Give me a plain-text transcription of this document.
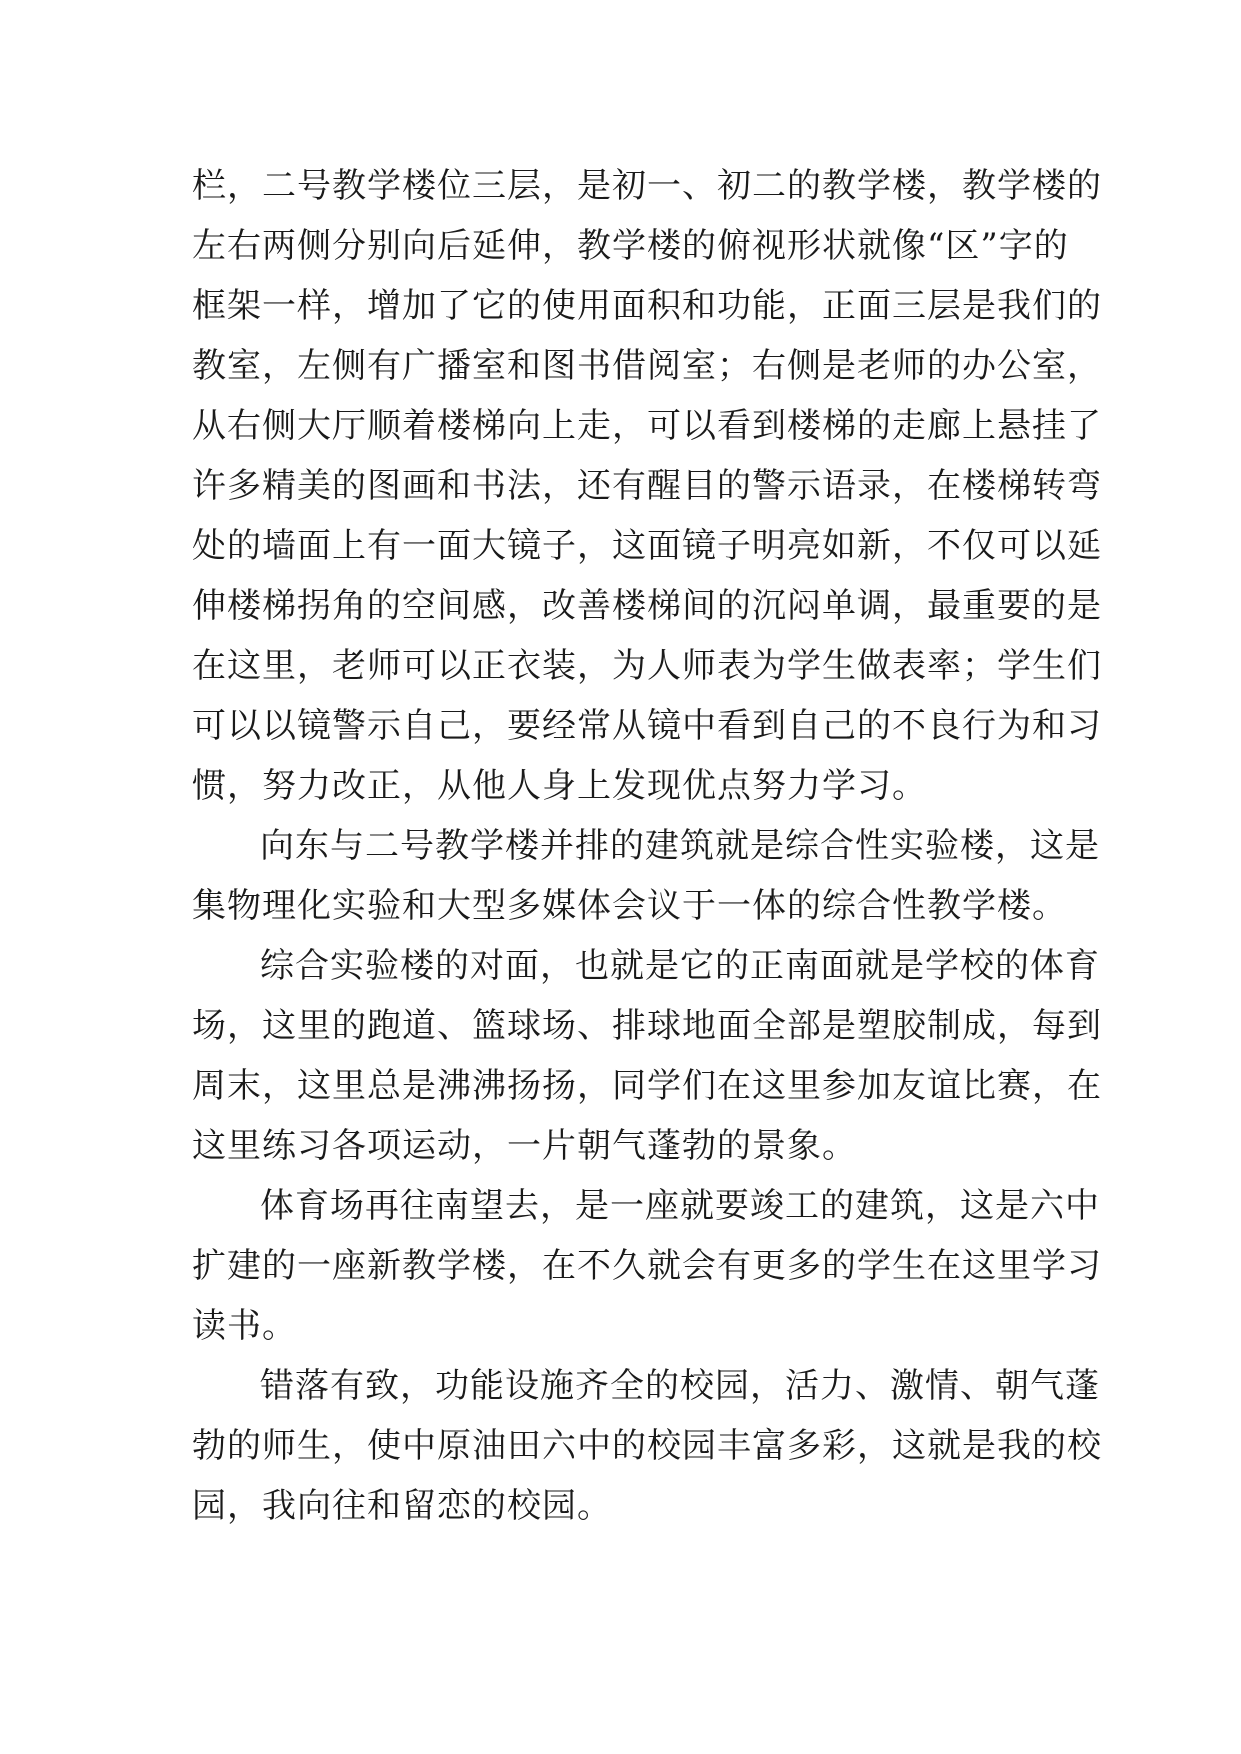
栏，二号教学楼位三层，是初一、初二的教学楼，教学楼的
左右两侧分别向后延伸，教学楼的俯视形状就像“区”字的
框架一样，增加了它的使用面积和功能，正面三层是我们的
教室，左侧有广播室和图书借阅室；右侧是老师的办公室，
从右侧大厅顺着楼梯向上走，可以看到楼梯的走廊上悬挂了
许多精美的图画和书法，还有醒目的警示语录，在楼梯转弯
处的墙面上有一面大镜子，这面镜子明亮如新，不仅可以延
伸楼梯拐角的空间感，改善楼梯间的沉闷单调，最重要的是
在这里，老师可以正衣装，为人师表为学生做表率；学生们
可以以镜警示自己，要经常从镜中看到自己的不良行为和习
惯，努力改正，从他人身上发现优点努力学习。
向东与二号教学楼并排的建筑就是综合性实验楼，这是
集物理化实验和大型多媒体会议于一体的综合性教学楼。
综合实验楼的对面，也就是它的正南面就是学校的体育
场，这里的跑道、篮球场、排球地面全部是塑胶制成，每到
周末，这里总是沸沸扬扬，同学们在这里参加友谊比赛，在
这里练习各项运动，一片朝气蓬勃的景象。
体育场再往南望去，是一座就要竣工的建筑，这是六中
扩建的一座新教学楼，在不久就会有更多的学生在这里学习
读书。
错落有致，功能设施齐全的校园，活力、激情、朝气蓬
勃的师生，使中原油田六中的校园丰富多彩，这就是我的校
园，我向往和留恋的校园。
